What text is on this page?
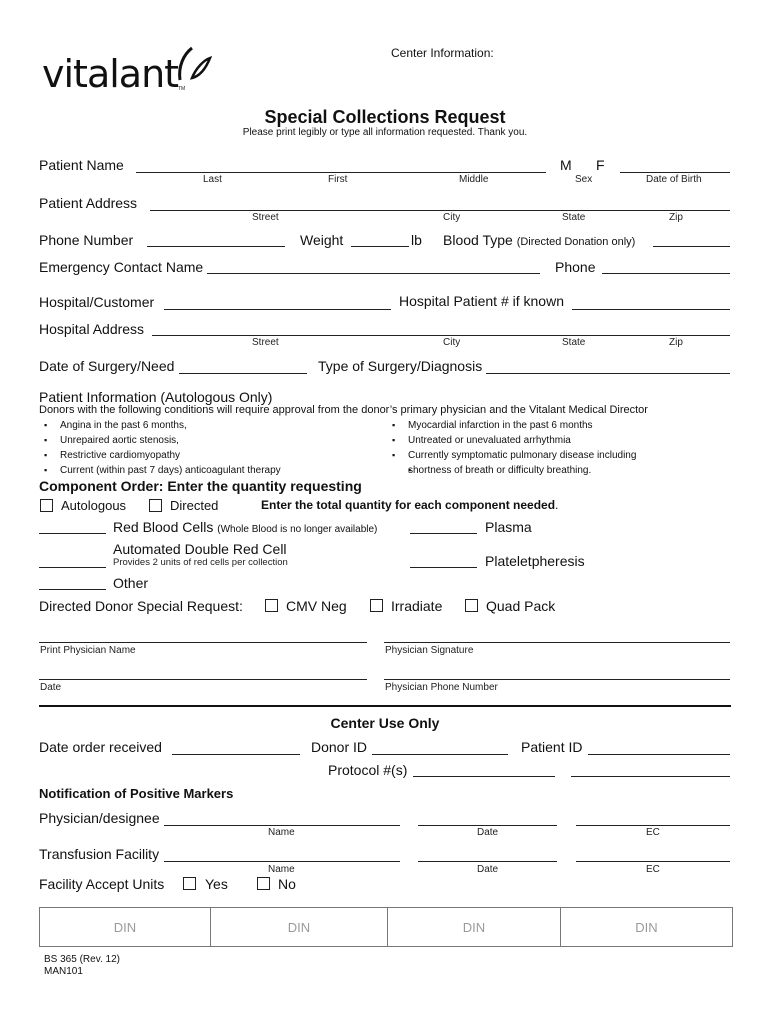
vitalant TM
Center Information:
Special Collections Request
Please print legibly or type all information requested. Thank you.
Patient Name	M F
Last	First	Middle	Sex	Date of Birth
Patient Address
Street	City	State	Zip
Phone Number	Weight	lb Blood Type (Directed Donation only)
Emergency Contact Name	Phone
Hospital/Customer	Hospital Patient # if known
Hospital Address
Street	City	State	Zip
Date of Surgery/Need	Type of Surgery/Diagnosis
Patient Information (Autologous Only)
Donors with the following conditions will require approval from the donor’s primary physician and the Vitalant Medical Director
▪ Angina in the past 6 months,
▪ Unrepaired aortic stenosis,
▪ Restrictive cardiomyopathy
▪ Current (within past 7 days) anticoagulant therapy
▪ Myocardial infarction in the past 6 months
▪ Untreated or unevaluated arrhythmia
▪ Currently symptomatic pulmonary disease including
▪ shortness of breath or difficulty breathing.
Component Order: Enter the quantity requesting
Autologous	Directed	Enter the total quantity for each component needed.
Red Blood Cells (Whole Blood is no longer available)	Plasma
Automated Double Red Cell
Provides 2 units of red cells per collection	Plateletpheresis
Other
Directed Donor Special Request:	CMV Neg	Irradiate	Quad Pack
Print Physician Name	Physician Signature
Date	Physician Phone Number
Center Use Only
Date order received	Donor ID	Patient ID
Protocol #(s)
Notification of Positive Markers
Physician/designee
Name	Date	EC
Transfusion Facility
Name	Date	EC
Facility Accept Units	Yes	No
DIN	DIN	DIN	DIN
BS 365 (Rev. 12)
MAN101
